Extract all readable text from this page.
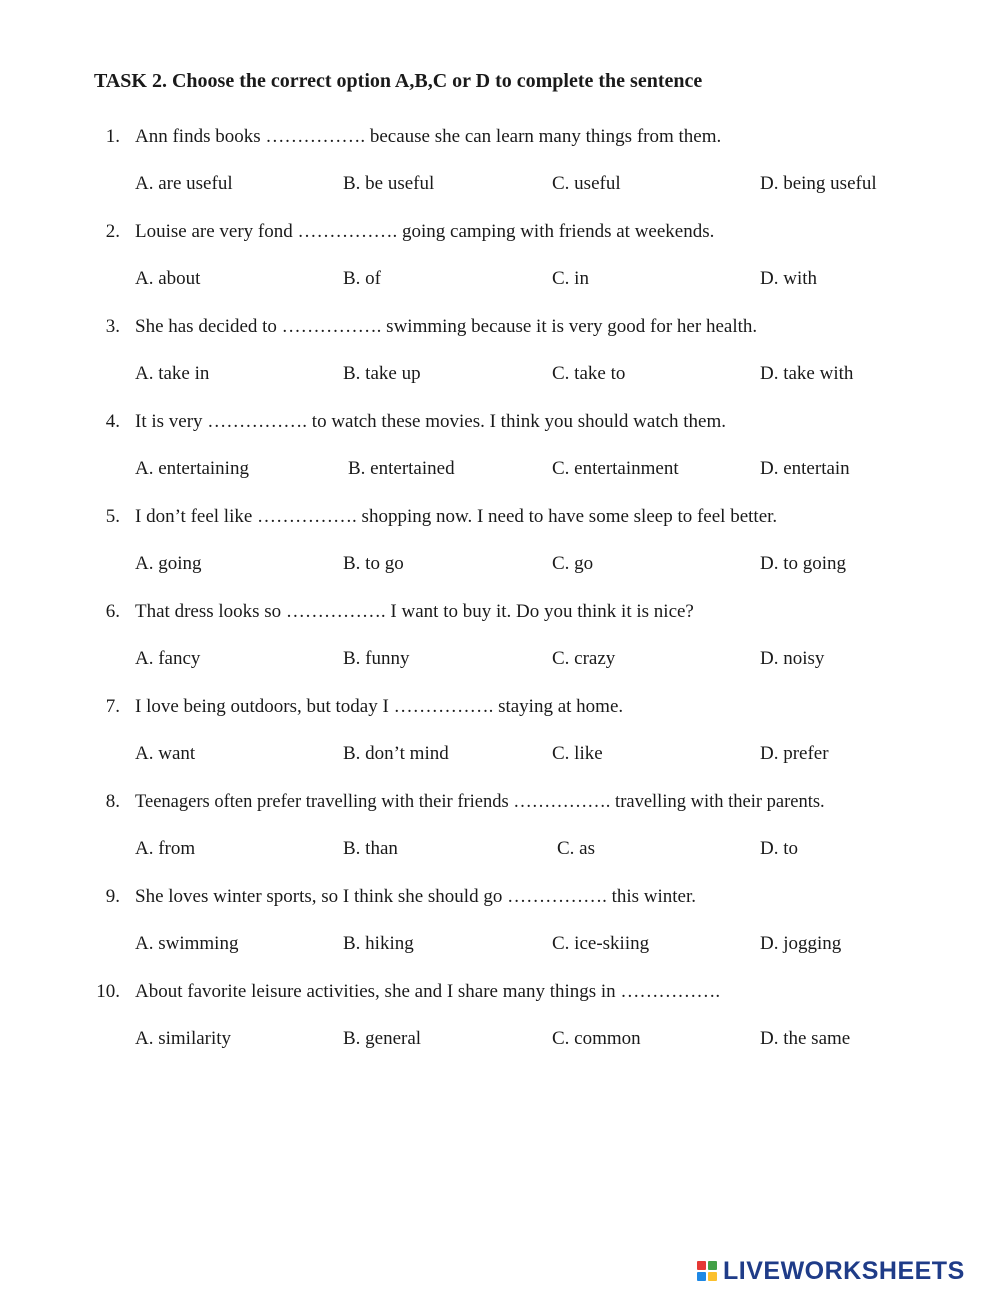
TASK 2. Choose the correct option A,B,C or D to complete the sentence
1. Ann finds books ……………. because she can learn many things from them.
A. are useful	B. be useful	C. useful	D. being useful
2. Louise are very fond ……………. going camping with friends at weekends.
A. about	B. of	C. in	D. with
3. She has decided to ……………. swimming because it is very good for her health.
A. take in	B. take up	C. take to	D. take with
4. It is very ……………. to watch these movies. I think you should watch them.
A. entertaining	B. entertained	C. entertainment	D. entertain
5. I don’t feel like ……………. shopping now. I need to have some sleep to feel better.
A. going	B. to go	C. go	D. to going
6. That dress looks so ……………. I want to buy it. Do you think it is nice?
A. fancy	B. funny	C. crazy	D. noisy
7. I love being outdoors, but today I ……………. staying at home.
A. want	B. don’t mind	C. like	D. prefer
8. Teenagers often prefer travelling with their friends ……………. travelling with their parents.
A. from	B. than	C. as	D. to
9. She loves winter sports, so I think she should go ……………. this winter.
A. swimming	B. hiking	C. ice-skiing	D. jogging
10. About favorite leisure activities, she and I share many things in …………….
A. similarity	B. general	C. common	D. the same
LIVEWORKSHEETS
